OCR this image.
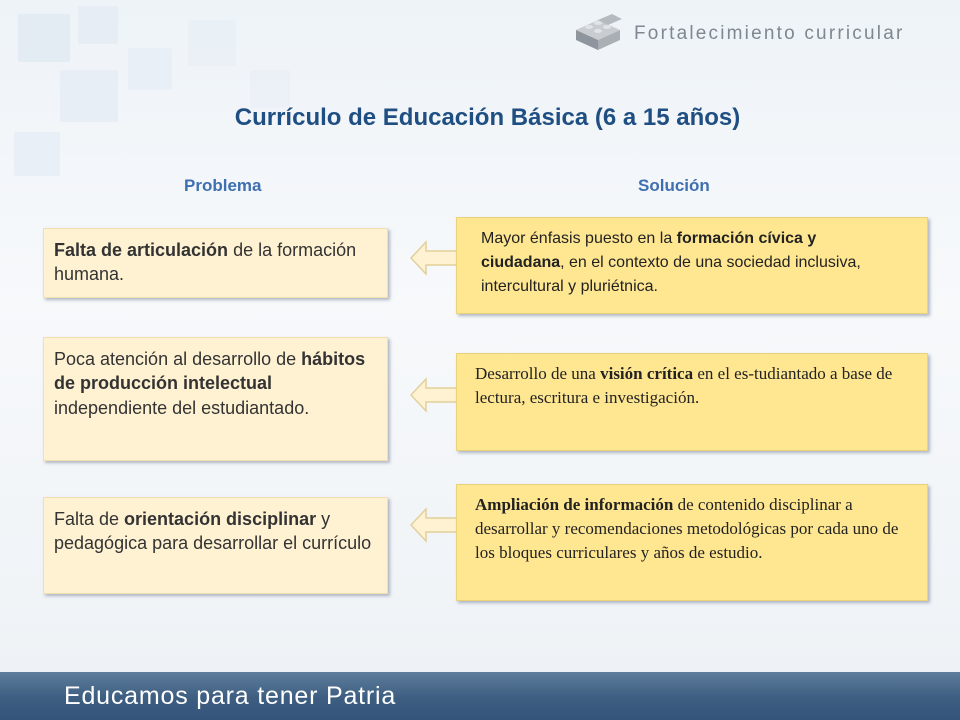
Fortalecimiento curricular
Currículo de Educación Básica (6 a 15 años)
Problema	Solución
Falta de articulación de la formación humana.
Mayor énfasis puesto en la formación cívica y ciudadana, en el contexto de una sociedad inclusiva, intercultural y pluriétnica.
Poca atención al desarrollo de hábitos de producción intelectual independiente del estudiantado.
Desarrollo de una visión crítica en el es-tudiantado a base de lectura, escritura e investigación.
Falta de orientación disciplinar y pedagógica para desarrollar el currículo
Ampliación de información de contenido disciplinar a desarrollar y recomendaciones metodológicas por cada uno de los bloques curriculares y años de estudio.
Educamos para tener Patria
